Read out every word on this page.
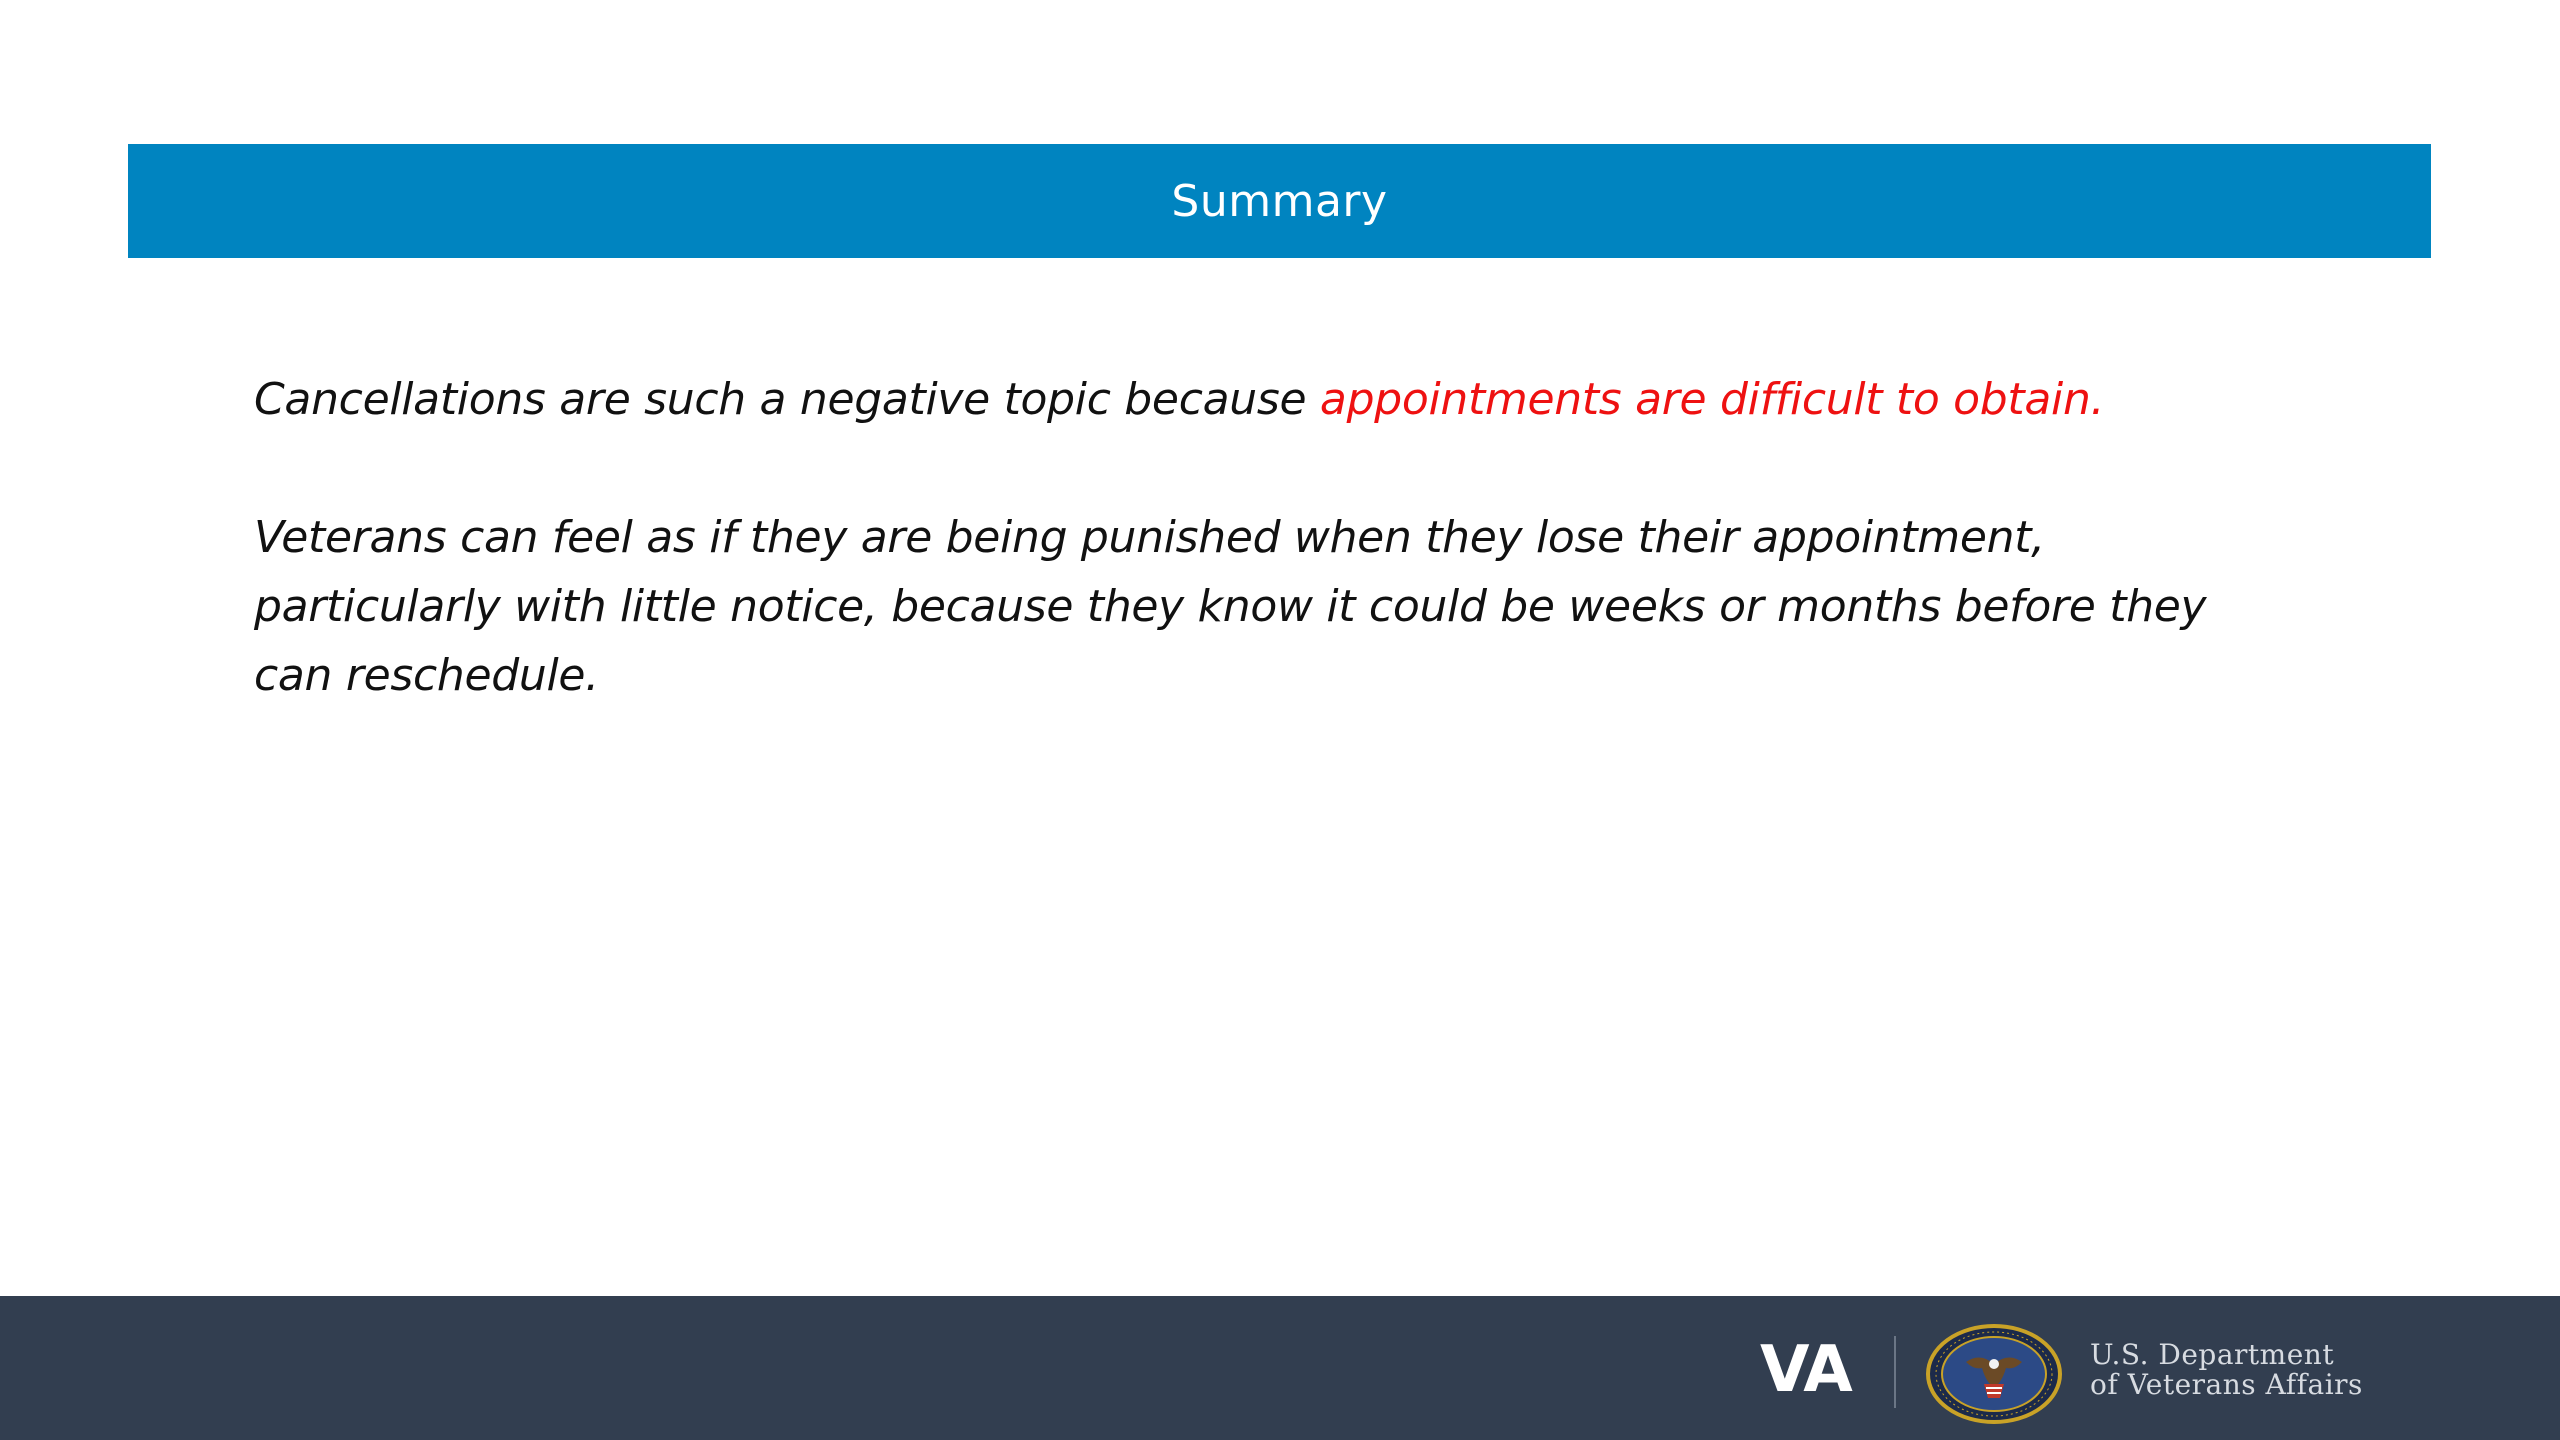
Summary

Cancellations are such a negative topic because appointments are difficult to obtain.

Veterans can feel as if they are being punished when they lose their appointment, particularly with little notice, because they know it could be weeks or months before they can reschedule.

VA	U.S. Department
of Veterans Affairs
